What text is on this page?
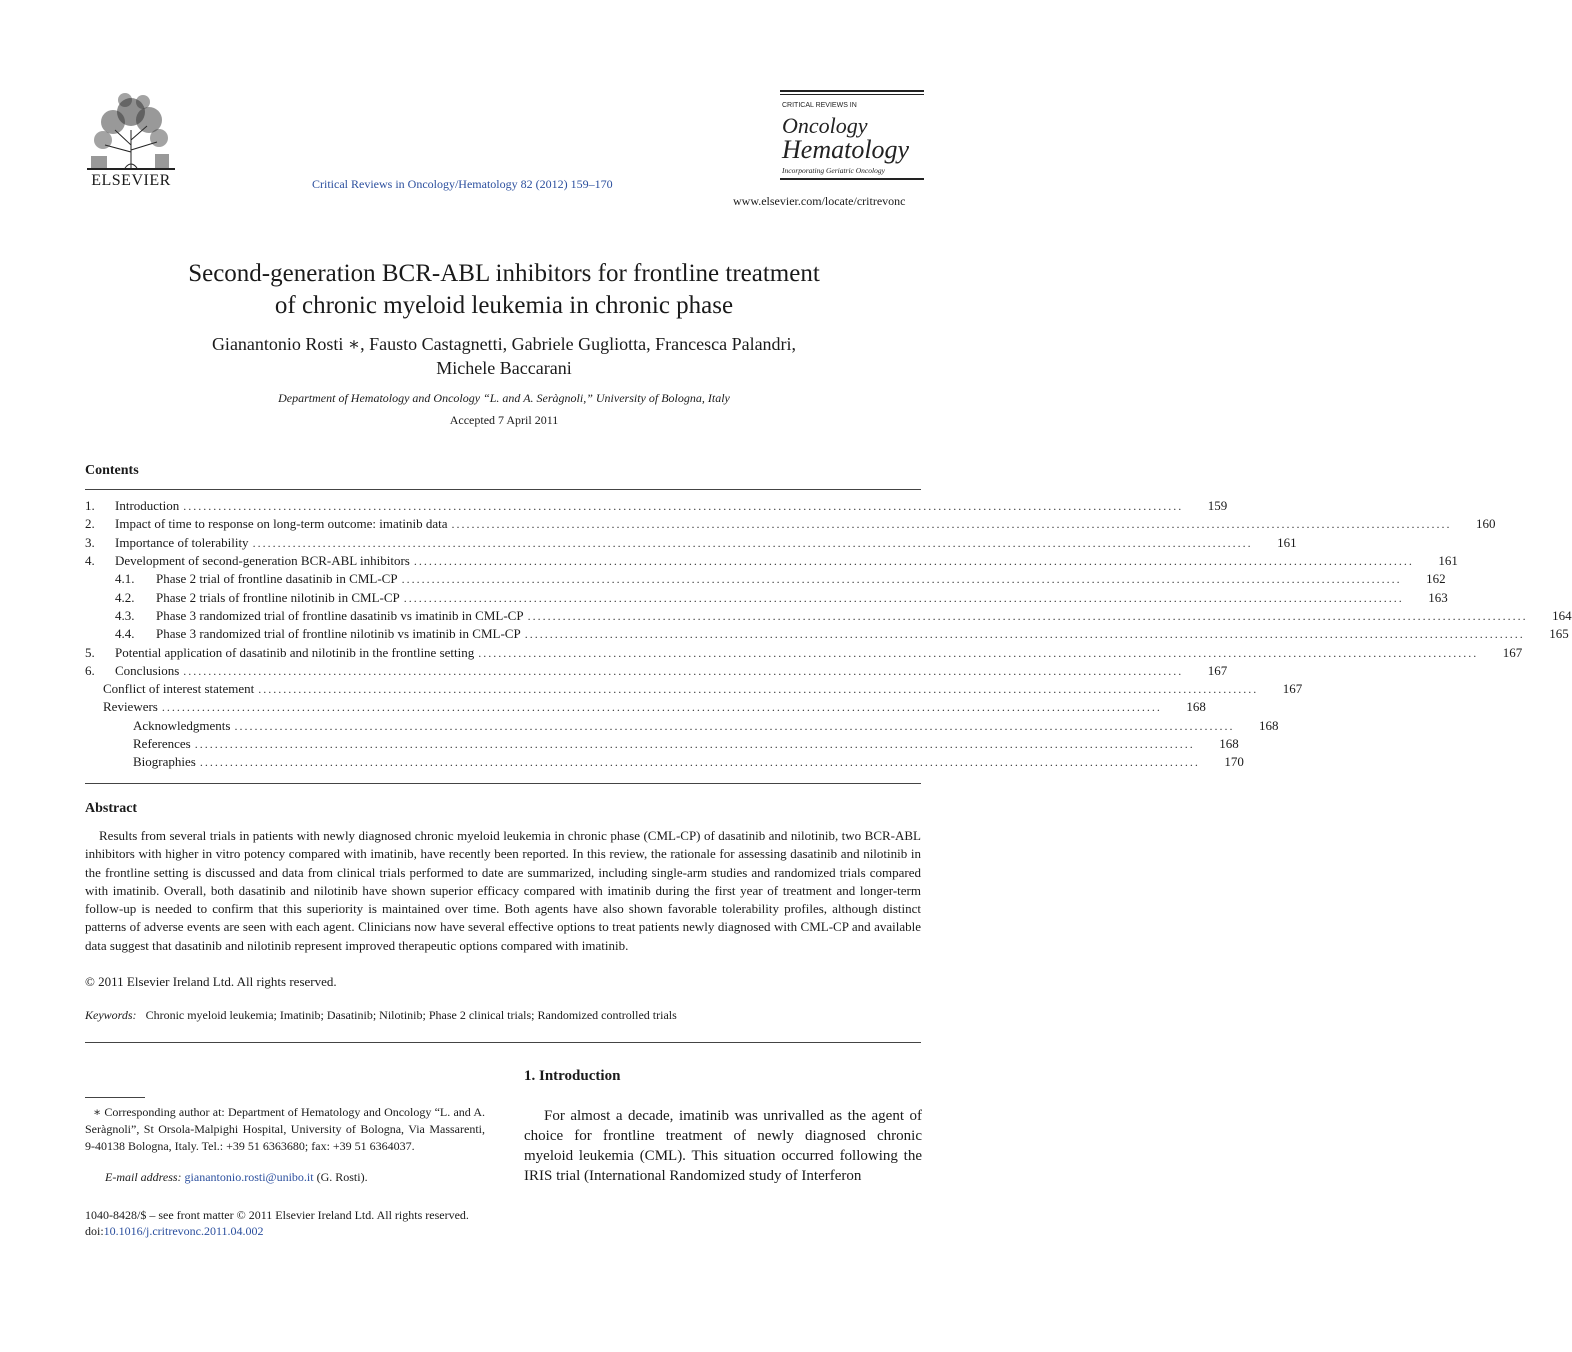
ELSEVIER	Critical Reviews in Oncology/Hematology 82 (2012) 159–170
CRITICAL REVIEWS IN
Oncology
Hematology
Incorporating Geriatric Oncology
www.elsevier.com/locate/critrevonc
Second-generation BCR-ABL inhibitors for frontline treatment
of chronic myeloid leukemia in chronic phase
Gianantonio Rosti ∗, Fausto Castagnetti, Gabriele Gugliotta, Francesca Palandri,
Michele Baccarani
Department of Hematology and Oncology “L. and A. Seràgnoli,” University of Bologna, Italy
Accepted 7 April 2011
Contents
1.	Introduction ........................................................................................................................................................................................................	159
2.	Impact of time to response on long-term outcome: imatinib data ........................................................................................................................................................................................................	160
3.	Importance of tolerability ........................................................................................................................................................................................................	161
4.	Development of second-generation BCR-ABL inhibitors ........................................................................................................................................................................................................	161
4.1.	Phase 2 trial of frontline dasatinib in CML-CP ........................................................................................................................................................................................................	162
4.2.	Phase 2 trials of frontline nilotinib in CML-CP ........................................................................................................................................................................................................	163
4.3.	Phase 3 randomized trial of frontline dasatinib vs imatinib in CML-CP ........................................................................................................................................................................................................	164
4.4.	Phase 3 randomized trial of frontline nilotinib vs imatinib in CML-CP ........................................................................................................................................................................................................	165
5.	Potential application of dasatinib and nilotinib in the frontline setting ........................................................................................................................................................................................................	167
6.	Conclusions ........................................................................................................................................................................................................	167
Conflict of interest statement ........................................................................................................................................................................................................	167
Reviewers ........................................................................................................................................................................................................	168
Acknowledgments ........................................................................................................................................................................................................	168
References ........................................................................................................................................................................................................	168
Biographies ........................................................................................................................................................................................................	170
Abstract
Results from several trials in patients with newly diagnosed chronic myeloid leukemia in chronic phase (CML-CP) of dasatinib and nilotinib, two BCR-ABL inhibitors with higher in vitro potency compared with imatinib, have recently been reported. In this review, the rationale for assessing dasatinib and nilotinib in the frontline setting is discussed and data from clinical trials performed to date are summarized, including single-arm studies and randomized trials compared with imatinib. Overall, both dasatinib and nilotinib have shown superior efficacy compared with imatinib during the first year of treatment and longer-term follow-up is needed to confirm that this superiority is maintained over time. Both agents have also shown favorable tolerability profiles, although distinct patterns of adverse events are seen with each agent. Clinicians now have several effective options to treat patients newly diagnosed with CML-CP and available data suggest that dasatinib and nilotinib represent improved therapeutic options compared with imatinib.
© 2011 Elsevier Ireland Ltd. All rights reserved.
Keywords: Chronic myeloid leukemia; Imatinib; Dasatinib; Nilotinib; Phase 2 clinical trials; Randomized controlled trials
1. Introduction
For almost a decade, imatinib was unrivalled as the agent of choice for frontline treatment of newly diagnosed chronic myeloid leukemia (CML). This situation occurred following the IRIS trial (International Randomized study of Interferon
∗ Corresponding author at: Department of Hematology and Oncology “L. and A. Seràgnoli”, St Orsola-Malpighi Hospital, University of Bologna, Via Massarenti, 9-40138 Bologna, Italy. Tel.: +39 51 6363680; fax: +39 51 6364037.
E-mail address: gianantonio.rosti@unibo.it (G. Rosti).
1040-8428/$ – see front matter © 2011 Elsevier Ireland Ltd. All rights reserved.
doi:10.1016/j.critrevonc.2011.04.002
